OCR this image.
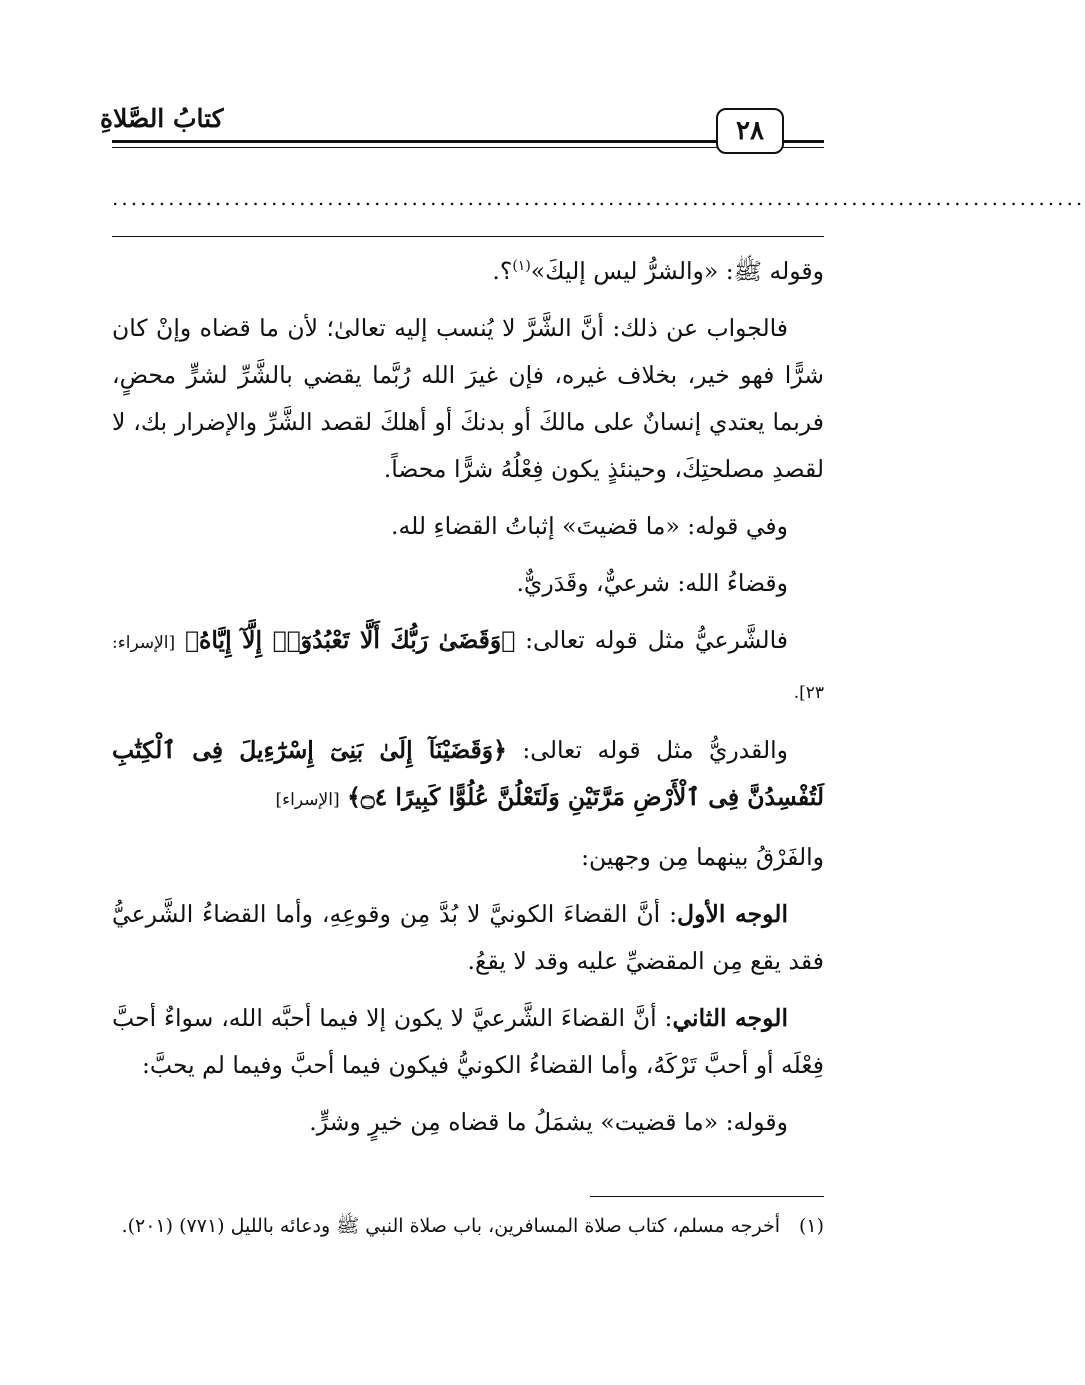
كتابُ الصَّلاةِ	٢٨
........................................................................................................

وقوله ﷺ: «والشرُّ ليس إليكَ»$^{(١)}$؟.

فالجواب عن ذلك: أنَّ الشَّرَّ لا يُنسب إليه تعالىٰ؛ لأن ما قضاه وإنْ كان شرًّا فهو خير، بخلاف غيره، فإن غيرَ الله رُبَّما يقضي بالشَّرِّ لشرٍّ محضٍ، فربما يعتدي إنسانٌ على مالكَ أو بدنكَ أو أهلكَ لقصد الشَّرِّ والإضرار بك، لا لقصدِ مصلحتِكَ، وحينئذٍ يكون فِعْلُهُ شرًّا محضاً.

وفي قوله: «ما قضيتَ» إثباتُ القضاءِ لله.

وقضاءُ الله: شرعيٌّ، وقَدَريٌّ.

فالشَّرعيُّ مثل قوله تعالى: ﴿وَقَضَىٰ رَبُّكَ أَلَّا تَعْبُدُوٓا۟ إِلَّآ إِيَّاهُ﴾ [الإسراء: ٢٣].

والقدريُّ مثل قوله تعالى: ﴿وَقَضَيْنَآ إِلَىٰ بَنِىٓ إِسْرَٰٓءِيلَ فِى ٱلْكِتَٰبِ لَتُفْسِدُنَّ فِى ٱلْأَرْضِ مَرَّتَيْنِ وَلَتَعْلُنَّ عُلُوًّا كَبِيرًا ۝٤﴾ [الإسراء]

والفَرْقُ بينهما مِن وجهين:

الوجه الأول: أنَّ القضاءَ الكونيَّ لا بُدَّ مِن وقوعِهِ، وأما القضاءُ الشَّرعيُّ فقد يقع مِن المقضيِّ عليه وقد لا يقعُ.

الوجه الثاني: أنَّ القضاءَ الشَّرعيَّ لا يكون إلا فيما أحبَّه الله، سواءٌ أحبَّ فِعْلَه أو أحبَّ تَرْكَهُ، وأما القضاءُ الكونيُّ فيكون فيما أحبَّ وفيما لم يحبَّ:

وقوله: «ما قضيت» يشمَلُ ما قضاه مِن خيرٍ وشرٍّ.

(١)أخرجه مسلم، كتاب صلاة المسافرين، باب صلاة النبي ﷺ ودعائه بالليل (٧٧١) (٢٠١).
